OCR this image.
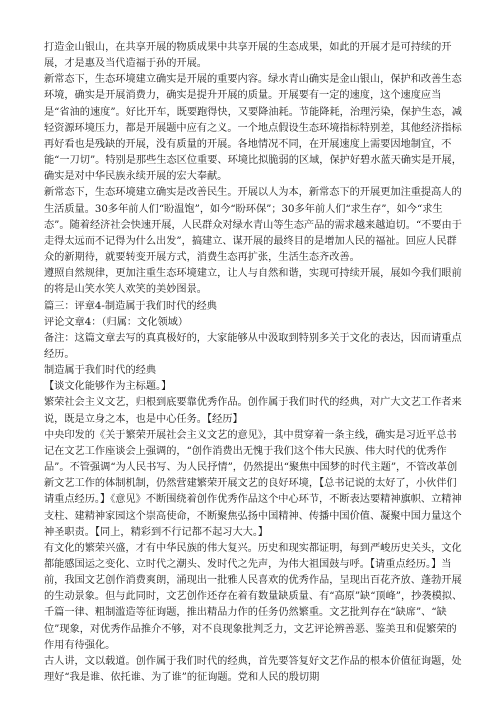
打造金山银山，在共享开展的物质成果中共享开展的生态成果，如此的开展才是可持续的开展，才是惠及当代造福于孙的开展。

新常态下，生态环境建立确实是开展的重要内容。绿水青山确实是金山银山，保护和改善生态环境，确实是开展消费力，确实是提升开展的质量。开展要有一定的速度，这个速度应当是“省油的速度”。好比开车，既要跑得快，又要降油耗。节能降耗，治理污染，保护生态，减轻资源环境压力，都是开展题中应有之义。一个地点假设生态环境指标特别差，其他经济指标再好看也是残缺的开展，没有质量的开展。各地情况不同，在开展速度上需要因地制宜，不能“一刀切”。特别是那些生态区位重要、环境比拟脆弱的区域，保护好碧水蓝天确实是开展，确实是对中华民族永续开展的宏大奉献。

新常态下，生态环境建立确实是改善民生。开展以人为本，新常态下的开展更加注重提高人的生活质量。30多年前人们“盼温饱”，如今“盼环保”；30多年前人们“求生存”，如今“求生态”。随着经济社会快速开展，人民群众对绿水青山等生态产品的需求越来越迫切。“不要由于走得太远而不记得为什么出发”，搞建立、谋开展的最终目的是增加人民的福祉。回应人民群众的新期待，就要转变开展方式，消费生态再扩张，生活生态齐改善。

遵照自然规律，更加注重生态环境建立，让人与自然和谐，实现可持续开展，展如今我们眼前的将是山笑水笑人欢笑的美妙图景。

篇三：评章4-制造属于我们时代的经典

评论文章4：（归属：文化领域）

备注：这篇文章去写的真真极好的，大家能够从中汲取到特别多关于文化的表达，因而请重点经历。

制造属于我们时代的经典

【谈文化能够作为主标题。】

繁荣社会主义文艺，归根到底要靠优秀作品。创作属于我们时代的经典，对广大文艺工作者来说，既是立身之本，也是中心任务。【经历】

中央印发的《关于繁荣开展社会主义文艺的意见》，其中贯穿着一条主线，确实是习近平总书记在文艺工作座谈会上强调的，“创作消费出无愧于我们这个伟大民族、伟大时代的优秀作品”。不管强调“为人民书写、为人民抒情”，仍然提出“聚焦中国梦的时代主题”，不管改革创新文艺工作的体制机制，仍然营建繁荣开展文艺的良好环境，【总书记说的太好了，小伙伴们请重点经历。】《意见》不断围绕着创作优秀作品这个中心环节，不断表达要精神旗帜、立精神支柱、建精神家园这个崇高使命，不断聚焦弘扬中国精神、传播中国价值、凝聚中国力量这个神圣职责。【同上，精彩到不行记都不起习大大。】

有文化的繁荣兴盛，才有中华民族的伟大复兴。历史和现实都证明，每到严峻历史关头，文化都能感国运之变化、立时代之潮头、发时代之先声，为伟大祖国鼓与呼。【请重点经历。】当前，我国文艺创作消费爽朗，涌现出一批雅人民喜欢的优秀作品，呈现出百花齐放、蓬勃开展的生动景象。但与此同时，文艺创作还存在着有数量缺质量、有“高原”缺“顶峰”，抄袭模拟、千篇一律、粗制滥造等征询题，推出精品力作的任务仍然繁重。文艺批判存在“缺席”、“缺位”现象，对优秀作品推介不够，对不良现象批判乏力，文艺评论辨善恶、鉴美丑和促繁荣的作用有待强化。

古人讲，文以载道。创作属于我们时代的经典，首先要答复好文艺作品的根本价值征询题，处理好“我是谁、依托谁、为了谁”的征询题。党和人民的殷切期
